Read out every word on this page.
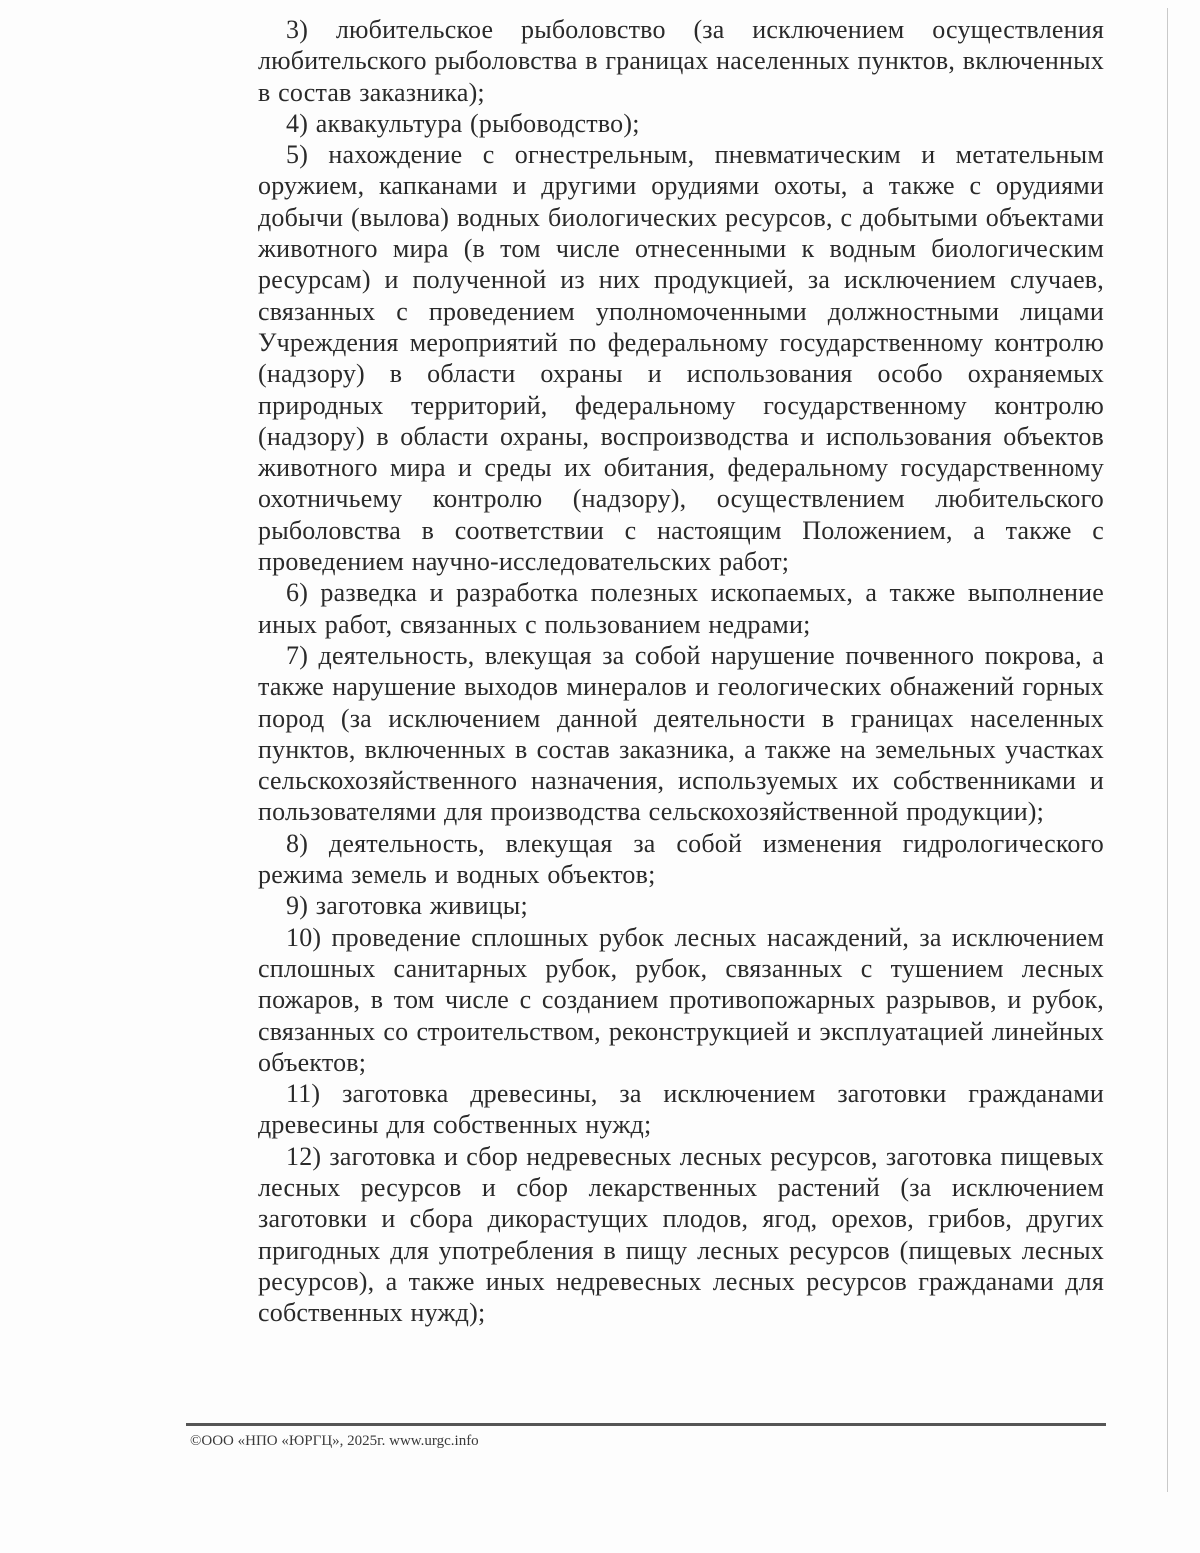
3) любительское рыболовство (за исключением осуществления любительского рыболовства в границах населенных пунктов, включенных в состав заказника);

4) аквакультура (рыбоводство);

5) нахождение с огнестрельным, пневматическим и метательным оружием, капканами и другими орудиями охоты, а также с орудиями добычи (вылова) водных биологических ресурсов, с добытыми объектами животного мира (в том числе отнесенными к водным биологическим ресурсам) и полученной из них продукцией, за исключением случаев, связанных с проведением уполномоченными должностными лицами Учреждения мероприятий по федеральному государственному контролю (надзору) в области охраны и использования особо охраняемых природных территорий, федеральному государственному контролю (надзору) в области охраны, воспроизводства и использования объектов животного мира и среды их обитания, федеральному государственному охотничьему контролю (надзору), осуществлением любительского рыболовства в соответствии с настоящим Положением, а также с проведением научно-исследовательских работ;

6) разведка и разработка полезных ископаемых, а также выполнение иных работ, связанных с пользованием недрами;

7) деятельность, влекущая за собой нарушение почвенного покрова, а также нарушение выходов минералов и геологических обнажений горных пород (за исключением данной деятельности в границах населенных пунктов, включенных в состав заказника, а также на земельных участках сельскохозяйственного назначения, используемых их собственниками и пользователями для производства сельскохозяйственной продукции);

8) деятельность, влекущая за собой изменения гидрологического режима земель и водных объектов;

9) заготовка живицы;

10) проведение сплошных рубок лесных насаждений, за исключением сплошных санитарных рубок, рубок, связанных с тушением лесных пожаров, в том числе с созданием противопожарных разрывов, и рубок, связанных со строительством, реконструкцией и эксплуатацией линейных объектов;

11) заготовка древесины, за исключением заготовки гражданами древесины для собственных нужд;

12) заготовка и сбор недревесных лесных ресурсов, заготовка пищевых лесных ресурсов и сбор лекарственных растений (за исключением заготовки и сбора дикорастущих плодов, ягод, орехов, грибов, других пригодных для употребления в пищу лесных ресурсов (пищевых лесных ресурсов), а также иных недревесных лесных ресурсов гражданами для собственных нужд);

©ООО «НПО «ЮРГЦ», 2025г. www.urgc.info
